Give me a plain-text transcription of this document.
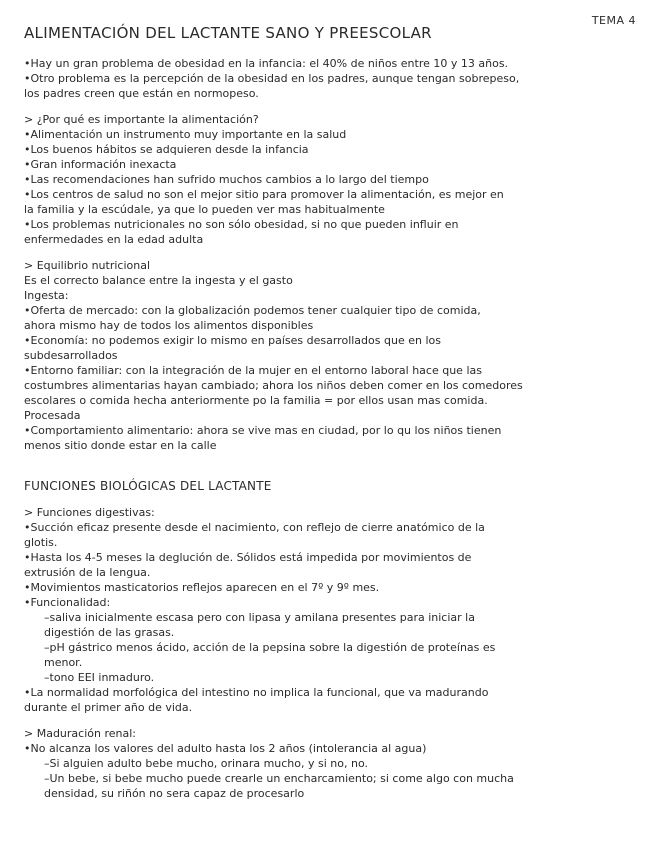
TEMA 4
ALIMENTACIÓN DEL LACTANTE SANO Y PREESCOLAR

•Hay un gran problema de obesidad en la infancia: el 40% de niños entre 10 y 13 años.

•Otro problema es la percepción de la obesidad en los padres, aunque tengan sobrepeso,

los padres creen que están en normopeso.

> ¿Por qué es importante la alimentación?

•Alimentación un instrumento muy importante en la salud

•Los buenos hábitos se adquieren desde la infancia

•Gran información inexacta

•Las recomendaciones han sufrido muchos cambios a lo largo del tiempo

•Los centros de salud no son el mejor sitio para promover la alimentación, es mejor en

la familia y la escúdale, ya que lo pueden ver mas habitualmente

•Los problemas nutricionales no son sólo obesidad, si no que pueden influir en

enfermedades en la edad adulta

> Equilibrio nutricional

Es el correcto balance entre la ingesta y el gasto

Ingesta:

•Oferta de mercado: con la globalización podemos tener cualquier tipo de comida,

ahora mismo hay de todos los alimentos disponibles

•Economía: no podemos exigir lo mismo en países desarrollados que en los

subdesarrollados

•Entorno familiar: con la integración de la mujer en el entorno laboral hace que las

costumbres alimentarias hayan cambiado; ahora los niños deben comer en los comedores

escolares o comida hecha anteriormente po la familia = por ellos usan mas comida.

Procesada

•Comportamiento alimentario: ahora se vive mas en ciudad, por lo qu los niños tienen

menos sitio donde estar en la calle

FUNCIONES BIOLÓGICAS DEL LACTANTE

> Funciones digestivas:

•Succión eficaz presente desde el nacimiento, con reflejo de cierre anatómico de la

glotis.

•Hasta los 4-5 meses la deglución de. Sólidos está impedida por movimientos de

extrusión de la lengua.

•Movimientos masticatorios reflejos aparecen en el 7º y 9º mes.

•Funcionalidad:

–saliva inicialmente escasa pero con lipasa y amilana presentes para iniciar la

digestión de las grasas.

–pH gástrico menos ácido, acción de la pepsina sobre la digestión de proteínas es

menor.

–tono EEI inmaduro.

•La normalidad morfológica del intestino no implica la funcional, que va madurando

durante el primer año de vida.

> Maduración renal:

•No alcanza los valores del adulto hasta los 2 años (intolerancia al agua)

–Si alguien adulto bebe mucho, orinara mucho, y si no, no.

–Un bebe, si bebe mucho puede crearle un encharcamiento; si come algo con mucha

densidad, su riñón no sera capaz de procesarlo
